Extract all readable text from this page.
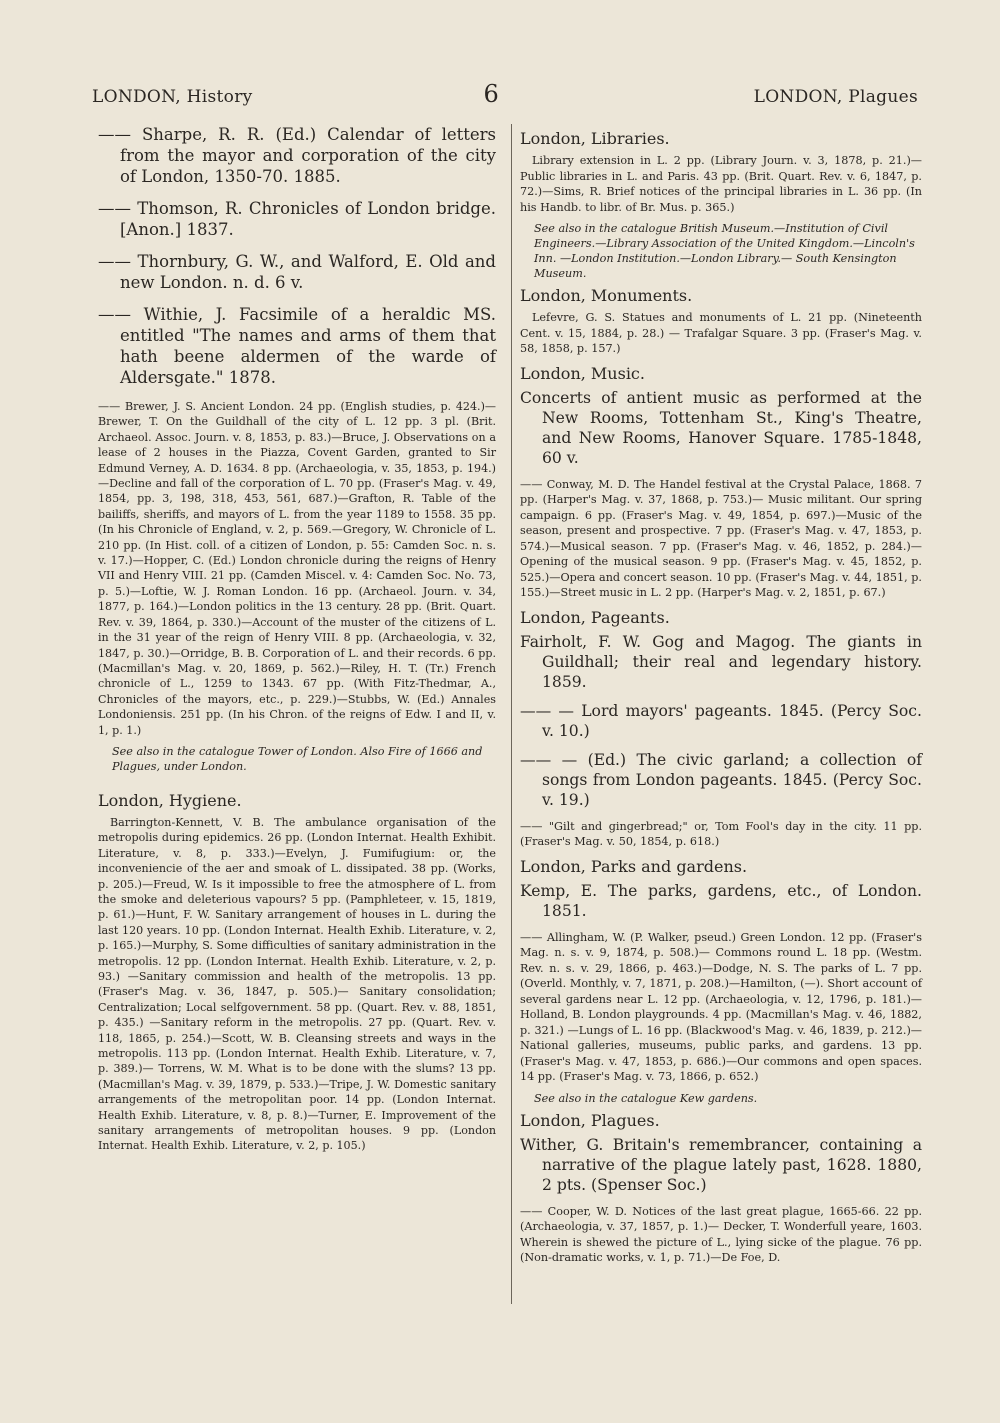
LONDON, History	6	LONDON, Plagues

—— Sharpe, R. R. (Ed.) Calendar of letters from the mayor and corporation of the city of London, 1350-70. 1885.

—— Thomson, R. Chronicles of London bridge. [Anon.] 1837.

—— Thornbury, G. W., and Walford, E. Old and new London. n. d. 6 v.

—— Withie, J. Facsimile of a heraldic MS. entitled "The names and arms of them that hath beene aldermen of the warde of Aldersgate." 1878.

—— Brewer, J. S. Ancient London. 24 pp. (English studies, p. 424.)—Brewer, T. On the Guildhall of the city of L. 12 pp. 3 pl. (Brit. Archaeol. Assoc. Journ. v. 8, 1853, p. 83.)—Bruce, J. Observations on a lease of 2 houses in the Piazza, Covent Garden, granted to Sir Edmund Verney, A. D. 1634. 8 pp. (Archaeologia, v. 35, 1853, p. 194.)—Decline and fall of the corporation of L. 70 pp. (Fraser's Mag. v. 49, 1854, pp. 3, 198, 318, 453, 561, 687.)—Grafton, R. Table of the bailiffs, sheriffs, and mayors of L. from the year 1189 to 1558. 35 pp. (In his Chronicle of England, v. 2, p. 569.—Gregory, W. Chronicle of L. 210 pp. (In Hist. coll. of a citizen of London, p. 55: Camden Soc. n. s. v. 17.)—Hopper, C. (Ed.) London chronicle during the reigns of Henry VII and Henry VIII. 21 pp. (Camden Miscel. v. 4: Camden Soc. No. 73, p. 5.)—Loftie, W. J. Roman London. 16 pp. (Archaeol. Journ. v. 34, 1877, p. 164.)—London politics in the 13 century. 28 pp. (Brit. Quart. Rev. v. 39, 1864, p. 330.)—Account of the muster of the citizens of L. in the 31 year of the reign of Henry VIII. 8 pp. (Archaeologia, v. 32, 1847, p. 30.)—Orridge, B. B. Corporation of L. and their records. 6 pp. (Macmillan's Mag. v. 20, 1869, p. 562.)—Riley, H. T. (Tr.) French chronicle of L., 1259 to 1343. 67 pp. (With Fitz-Thedmar, A., Chronicles of the mayors, etc., p. 229.)—Stubbs, W. (Ed.) Annales Londoniensis. 251 pp. (In his Chron. of the reigns of Edw. I and II, v. 1, p. 1.)

See also in the catalogue Tower of London. Also Fire of 1666 and Plagues, under London.

London, Hygiene.

Barrington-Kennett, V. B. The ambulance organisation of the metropolis during epidemics. 26 pp. (London Internat. Health Exhibit. Literature, v. 8, p. 333.)—Evelyn, J. Fumifugium: or, the inconveniencie of the aer and smoak of L. dissipated. 38 pp. (Works, p. 205.)—Freud, W. Is it impossible to free the atmosphere of L. from the smoke and deleterious vapours? 5 pp. (Pamphleteer, v. 15, 1819, p. 61.)—Hunt, F. W. Sanitary arrangement of houses in L. during the last 120 years. 10 pp. (London Internat. Health Exhib. Literature, v. 2, p. 165.)—Murphy, S. Some difficulties of sanitary administration in the metropolis. 12 pp. (London Internat. Health Exhib. Literature, v. 2, p. 93.) —Sanitary commission and health of the metropolis. 13 pp. (Fraser's Mag. v. 36, 1847, p. 505.)— Sanitary consolidation; Centralization; Local selfgovernment. 58 pp. (Quart. Rev. v. 88, 1851, p. 435.) —Sanitary reform in the metropolis. 27 pp. (Quart. Rev. v. 118, 1865, p. 254.)—Scott, W. B. Cleansing streets and ways in the metropolis. 113 pp. (London Internat. Health Exhib. Literature, v. 7, p. 389.)— Torrens, W. M. What is to be done with the slums? 13 pp. (Macmillan's Mag. v. 39, 1879, p. 533.)—Tripe, J. W. Domestic sanitary arrangements of the metropolitan poor. 14 pp. (London Internat. Health Exhib. Literature, v. 8, p. 8.)—Turner, E. Improvement of the sanitary arrangements of metropolitan houses. 9 pp. (London Internat. Health Exhib. Literature, v. 2, p. 105.)

London, Libraries.

Library extension in L. 2 pp. (Library Journ. v. 3, 1878, p. 21.)—Public libraries in L. and Paris. 43 pp. (Brit. Quart. Rev. v. 6, 1847, p. 72.)—Sims, R. Brief notices of the principal libraries in L. 36 pp. (In his Handb. to libr. of Br. Mus. p. 365.)

See also in the catalogue British Museum.—Institution of Civil Engineers.—Library Association of the United Kingdom.—Lincoln's Inn. —London Institution.—London Library.— South Kensington Museum.

London, Monuments.

Lefevre, G. S. Statues and monuments of L. 21 pp. (Nineteenth Cent. v. 15, 1884, p. 28.) — Trafalgar Square. 3 pp. (Fraser's Mag. v. 58, 1858, p. 157.)

London, Music.

Concerts of antient music as performed at the New Rooms, Tottenham St., King's Theatre, and New Rooms, Hanover Square. 1785-1848, 60 v.

—— Conway, M. D. The Handel festival at the Crystal Palace, 1868. 7 pp. (Harper's Mag. v. 37, 1868, p. 753.)— Music militant. Our spring campaign. 6 pp. (Fraser's Mag. v. 49, 1854, p. 697.)—Music of the season, present and prospective. 7 pp. (Fraser's Mag. v. 47, 1853, p. 574.)—Musical season. 7 pp. (Fraser's Mag. v. 46, 1852, p. 284.)—Opening of the musical season. 9 pp. (Fraser's Mag. v. 45, 1852, p. 525.)—Opera and concert season. 10 pp. (Fraser's Mag. v. 44, 1851, p. 155.)—Street music in L. 2 pp. (Harper's Mag. v. 2, 1851, p. 67.)

London, Pageants.

Fairholt, F. W. Gog and Magog. The giants in Guildhall; their real and legendary history. 1859.

—— — Lord mayors' pageants. 1845. (Percy Soc. v. 10.)

—— — (Ed.) The civic garland; a collection of songs from London pageants. 1845. (Percy Soc. v. 19.)

—— "Gilt and gingerbread;" or, Tom Fool's day in the city. 11 pp. (Fraser's Mag. v. 50, 1854, p. 618.)

London, Parks and gardens.

Kemp, E. The parks, gardens, etc., of London. 1851.

—— Allingham, W. (P. Walker, pseud.) Green London. 12 pp. (Fraser's Mag. n. s. v. 9, 1874, p. 508.)— Commons round L. 18 pp. (Westm. Rev. n. s. v. 29, 1866, p. 463.)—Dodge, N. S. The parks of L. 7 pp. (Overld. Monthly, v. 7, 1871, p. 208.)—Hamilton, (—). Short account of several gardens near L. 12 pp. (Archaeologia, v. 12, 1796, p. 181.)—Holland, B. London playgrounds. 4 pp. (Macmillan's Mag. v. 46, 1882, p. 321.) —Lungs of L. 16 pp. (Blackwood's Mag. v. 46, 1839, p. 212.)—National galleries, museums, public parks, and gardens. 13 pp. (Fraser's Mag. v. 47, 1853, p. 686.)—Our commons and open spaces. 14 pp. (Fraser's Mag. v. 73, 1866, p. 652.)

See also in the catalogue Kew gardens.

London, Plagues.

Wither, G. Britain's remembrancer, containing a narrative of the plague lately past, 1628. 1880, 2 pts. (Spenser Soc.)

—— Cooper, W. D. Notices of the last great plague, 1665-66. 22 pp. (Archaeologia, v. 37, 1857, p. 1.)— Decker, T. Wonderfull yeare, 1603. Wherein is shewed the picture of L., lying sicke of the plague. 76 pp. (Non-dramatic works, v. 1, p. 71.)—De Foe, D.
